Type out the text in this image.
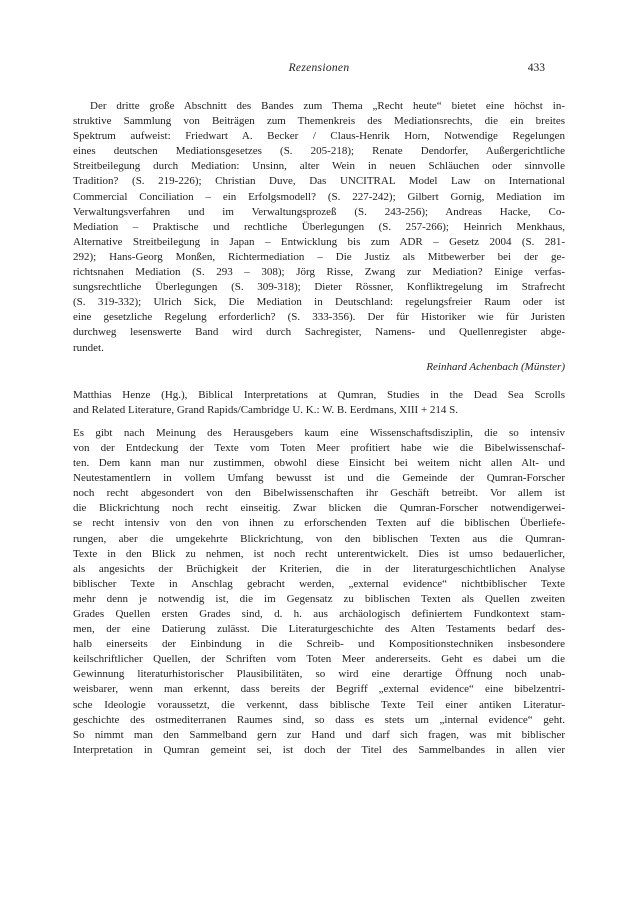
Rezensionen	433
Der dritte große Abschnitt des Bandes zum Thema „Recht heute“ bietet eine höchst in-
struktive Sammlung von Beiträgen zum Themenkreis des Mediationsrechts, die ein breites
Spektrum aufweist: Friedwart A. Becker / Claus-Henrik Horn, Notwendige Regelungen
eines deutschen Mediationsgesetzes (S. 205-218); Renate Dendorfer, Außergerichtliche
Streitbeilegung durch Mediation: Unsinn, alter Wein in neuen Schläuchen oder sinnvolle
Tradition? (S. 219-226); Christian Duve, Das UNCITRAL Model Law on International
Commercial Conciliation – ein Erfolgsmodell? (S. 227-242); Gilbert Gornig, Mediation im
Verwaltungsverfahren und im Verwaltungsprozeß (S. 243-256); Andreas Hacke, Co-
Mediation – Praktische und rechtliche Überlegungen (S. 257-266); Heinrich Menkhaus,
Alternative Streitbeilegung in Japan – Entwicklung bis zum ADR – Gesetz 2004 (S. 281-
292); Hans-Georg Monßen, Richtermediation – Die Justiz als Mitbewerber bei der ge-
richtsnahen Mediation (S. 293 – 308); Jörg Risse, Zwang zur Mediation? Einige verfas-
sungsrechtliche Überlegungen (S. 309-318); Dieter Rössner, Konfliktregelung im Strafrecht
(S. 319-332); Ulrich Sick, Die Mediation in Deutschland: regelungsfreier Raum oder ist
eine gesetzliche Regelung erforderlich? (S. 333-356). Der für Historiker wie für Juristen
durchweg lesenswerte Band wird durch Sachregister, Namens- und Quellenregister abge-
rundet.
Reinhard Achenbach (Münster)
Matthias Henze (Hg.), Biblical Interpretations at Qumran, Studies in the Dead Sea Scrolls
and Related Literature, Grand Rapids/Cambridge U. K.: W. B. Eerdmans, XIII + 214 S.
Es gibt nach Meinung des Herausgebers kaum eine Wissenschaftsdisziplin, die so intensiv
von der Entdeckung der Texte vom Toten Meer profitiert habe wie die Bibelwissenschaf-
ten. Dem kann man nur zustimmen, obwohl diese Einsicht bei weitem nicht allen Alt- und
Neutestamentlern in vollem Umfang bewusst ist und die Gemeinde der Qumran-Forscher
noch recht abgesondert von den Bibelwissenschaften ihr Geschäft betreibt. Vor allem ist
die Blickrichtung noch recht einseitig. Zwar blicken die Qumran-Forscher notwendigerwei-
se recht intensiv von den von ihnen zu erforschenden Texten auf die biblischen Überliefe-
rungen, aber die umgekehrte Blickrichtung, von den biblischen Texten aus die Qumran-
Texte in den Blick zu nehmen, ist noch recht unterentwickelt. Dies ist umso bedauerlicher,
als angesichts der Brüchigkeit der Kriterien, die in der literaturgeschichtlichen Analyse
biblischer Texte in Anschlag gebracht werden, „external evidence“ nichtbiblischer Texte
mehr denn je notwendig ist, die im Gegensatz zu biblischen Texten als Quellen zweiten
Grades Quellen ersten Grades sind, d. h. aus archäologisch definiertem Fundkontext stam-
men, der eine Datierung zulässt. Die Literaturgeschichte des Alten Testaments bedarf des-
halb einerseits der Einbindung in die Schreib- und Kompositionstechniken insbesondere
keilschriftlicher Quellen, der Schriften vom Toten Meer andererseits. Geht es dabei um die
Gewinnung literaturhistorischer Plausibilitäten, so wird eine derartige Öffnung noch unab-
weisbarer, wenn man erkennt, dass bereits der Begriff „external evidence“ eine bibelzentri-
sche Ideologie voraussetzt, die verkennt, dass biblische Texte Teil einer antiken Literatur-
geschichte des ostmediterranen Raumes sind, so dass es stets um „internal evidence“ geht.
So nimmt man den Sammelband gern zur Hand und darf sich fragen, was mit biblischer
Interpretation in Qumran gemeint sei, ist doch der Titel des Sammelbandes in allen vier
